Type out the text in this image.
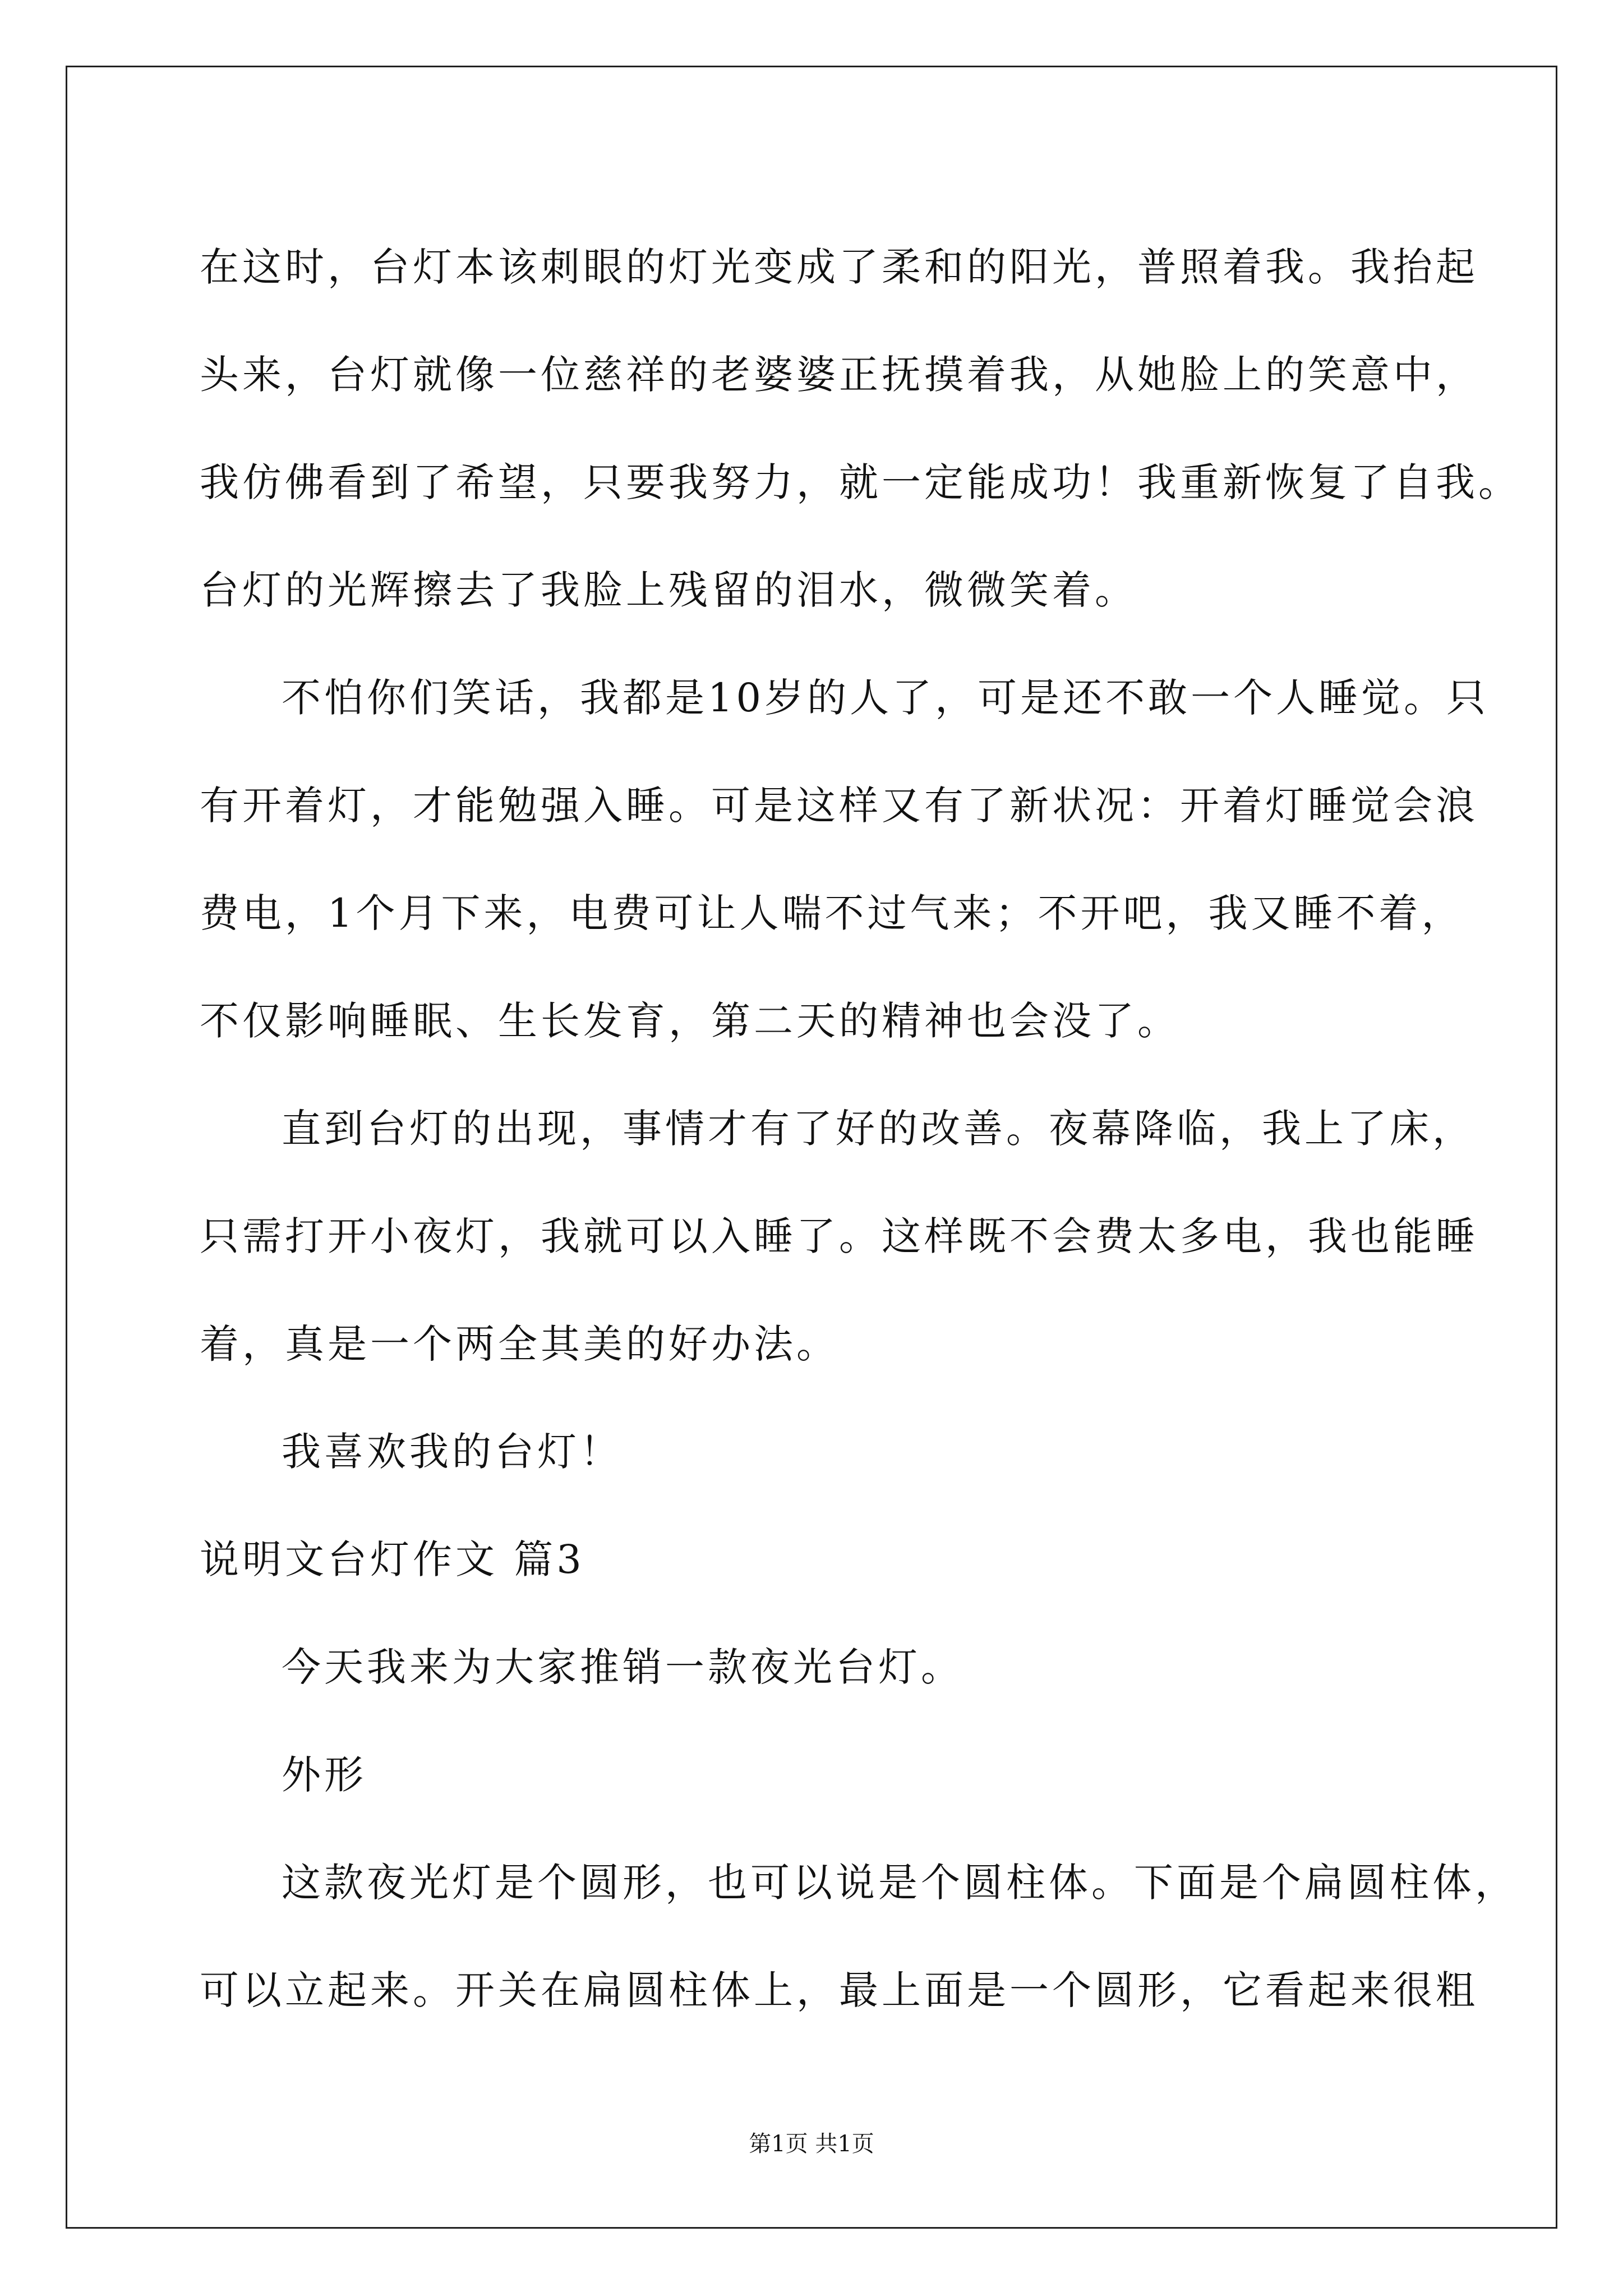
在这时，台灯本该刺眼的灯光变成了柔和的阳光，普照着我。我抬起
头来，台灯就像一位慈祥的老婆婆正抚摸着我，从她脸上的笑意中，
我仿佛看到了希望，只要我努力，就一定能成功！我重新恢复了自我。
台灯的光辉擦去了我脸上残留的泪水，微微笑着。
不怕你们笑话，我都是10岁的人了，可是还不敢一个人睡觉。只
有开着灯，才能勉强入睡。可是这样又有了新状况：开着灯睡觉会浪
费电，1个月下来，电费可让人喘不过气来；不开吧，我又睡不着，
不仅影响睡眠、生长发育，第二天的精神也会没了。
直到台灯的出现，事情才有了好的改善。夜幕降临，我上了床，
只需打开小夜灯，我就可以入睡了。这样既不会费太多电，我也能睡
着，真是一个两全其美的好办法。
我喜欢我的台灯！
说明文台灯作文 篇3
今天我来为大家推销一款夜光台灯。
外形
这款夜光灯是个圆形，也可以说是个圆柱体。下面是个扁圆柱体，
可以立起来。开关在扁圆柱体上，最上面是一个圆形，它看起来很粗
第1页 共1页
